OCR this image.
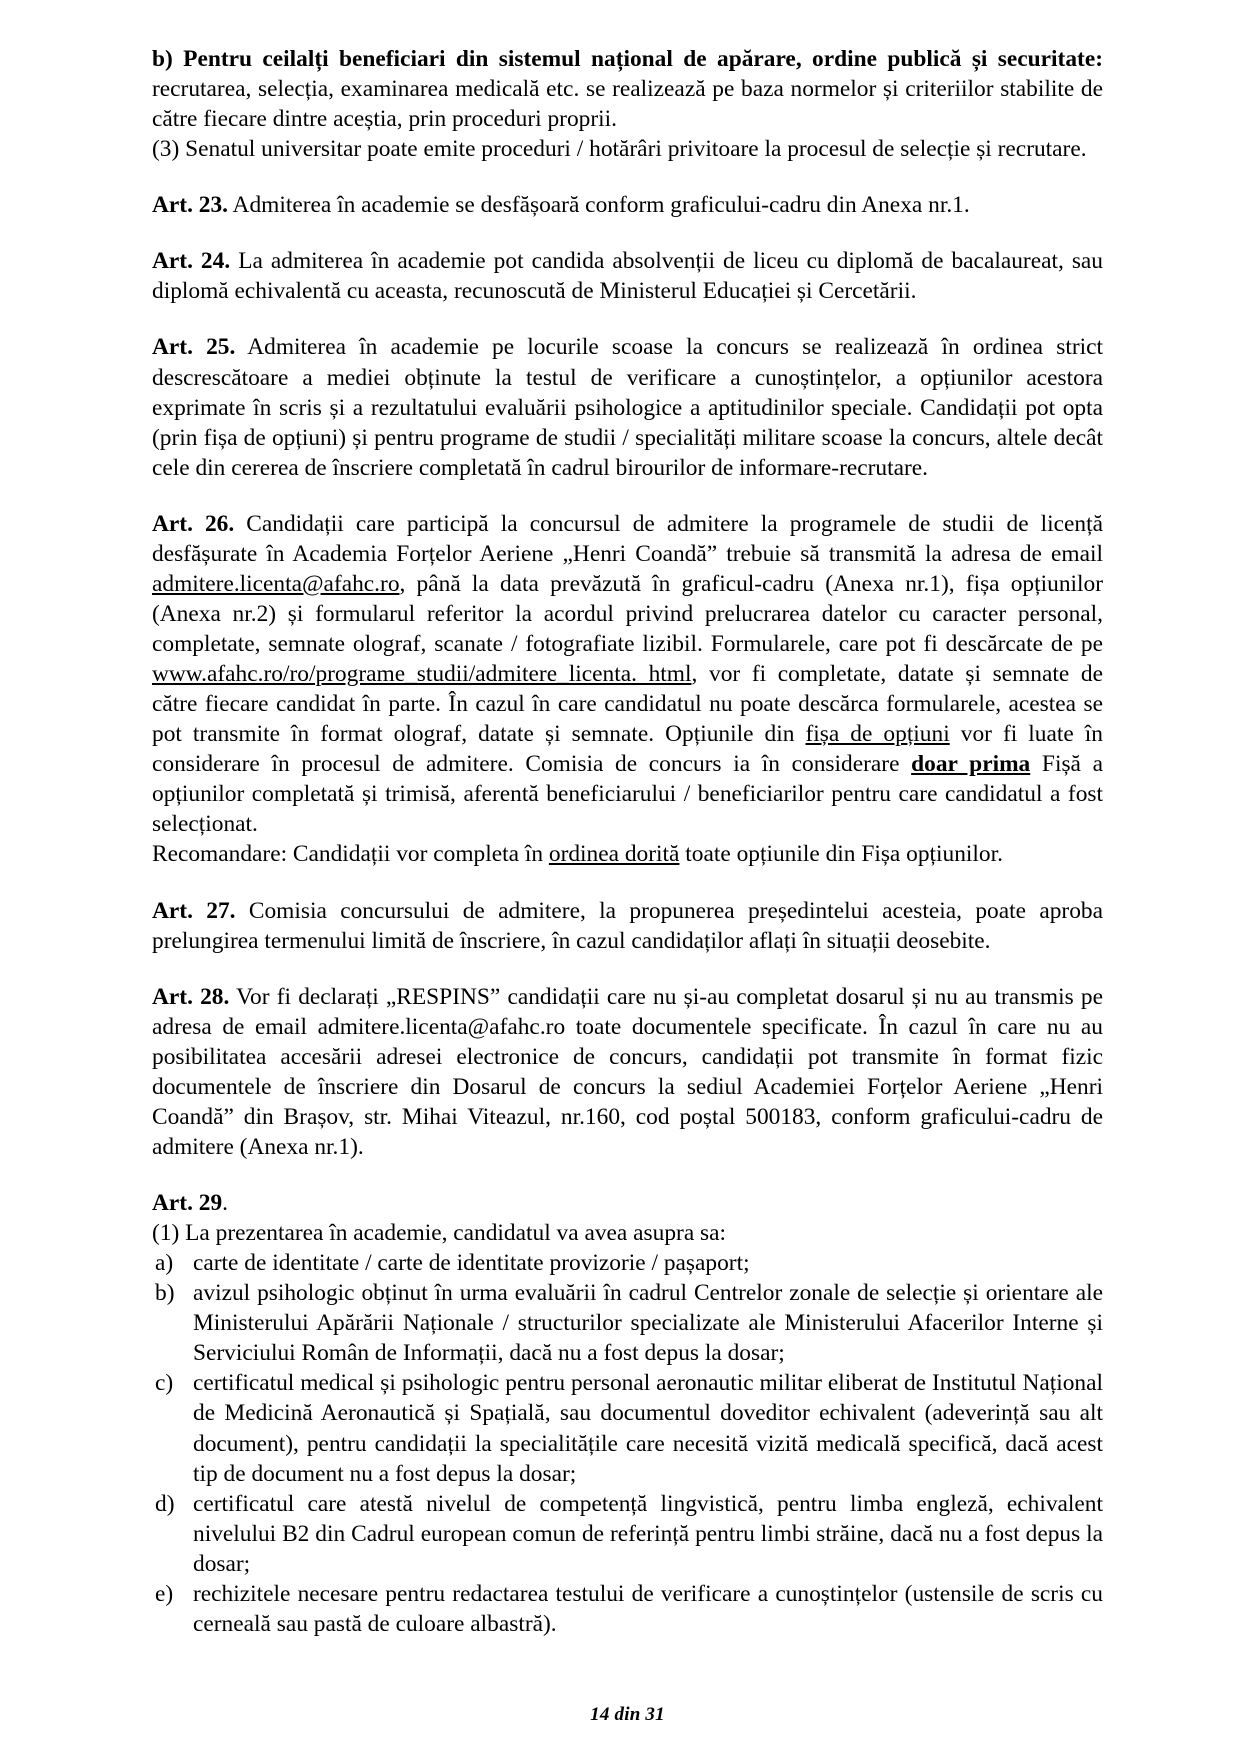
b) Pentru ceilalți beneficiari din sistemul național de apărare, ordine publică și securitate: recrutarea, selecția, examinarea medicală etc. se realizează pe baza normelor și criteriilor stabilite de către fiecare dintre aceștia, prin proceduri proprii.

(3) Senatul universitar poate emite proceduri / hotărâri privitoare la procesul de selecție și recrutare.

Art. 23. Admiterea în academie se desfășoară conform graficului-cadru din Anexa nr.1.

Art. 24. La admiterea în academie pot candida absolvenții de liceu cu diplomă de bacalaureat, sau diplomă echivalentă cu aceasta, recunoscută de Ministerul Educației și Cercetării.

Art. 25. Admiterea în academie pe locurile scoase la concurs se realizează în ordinea strict descrescătoare a mediei obținute la testul de verificare a cunoștințelor, a opțiunilor acestora exprimate în scris și a rezultatului evaluării psihologice a aptitudinilor speciale. Candidații pot opta (prin fișa de opțiuni) și pentru programe de studii / specialități militare scoase la concurs, altele decât cele din cererea de înscriere completată în cadrul birourilor de informare-recrutare.

Art. 26. Candidații care participă la concursul de admitere la programele de studii de licență desfășurate în Academia Forțelor Aeriene „Henri Coandă” trebuie să transmită la adresa de email admitere.licenta@afahc.ro, până la data prevăzută în graficul-cadru (Anexa nr.1), fișa opțiunilor (Anexa nr.2) și formularul referitor la acordul privind prelucrarea datelor cu caracter personal, completate, semnate olograf, scanate / fotografiate lizibil. Formularele, care pot fi descărcate de pe www.afahc.ro/ro/programe_studii/admitere_licenta. html, vor fi completate, datate și semnate de către fiecare candidat în parte. În cazul în care candidatul nu poate descărca formularele, acestea se pot transmite în format olograf, datate și semnate. Opțiunile din fișa de opțiuni vor fi luate în considerare în procesul de admitere. Comisia de concurs ia în considerare doar prima Fișă a opțiunilor completată și trimisă, aferentă beneficiarului / beneficiarilor pentru care candidatul a fost selecționat.

Recomandare: Candidații vor completa în ordinea dorită toate opțiunile din Fișa opțiunilor.

Art. 27. Comisia concursului de admitere, la propunerea președintelui acesteia, poate aproba prelungirea termenului limită de înscriere, în cazul candidaților aflați în situații deosebite.

Art. 28. Vor fi declarați „RESPINS” candidații care nu și-au completat dosarul și nu au transmis pe adresa de email admitere.licenta@afahc.ro toate documentele specificate. În cazul în care nu au posibilitatea accesării adresei electronice de concurs, candidații pot transmite în format fizic documentele de înscriere din Dosarul de concurs la sediul Academiei Forțelor Aeriene „Henri Coandă” din Brașov, str. Mihai Viteazul, nr.160, cod poștal 500183, conform graficului-cadru de admitere (Anexa nr.1).

Art. 29.

(1) La prezentarea în academie, candidatul va avea asupra sa:

a) carte de identitate / carte de identitate provizorie / pașaport;
b) avizul psihologic obținut în urma evaluării în cadrul Centrelor zonale de selecție și orientare ale Ministerului Apărării Naționale / structurilor specializate ale Ministerului Afacerilor Interne și Serviciului Român de Informații, dacă nu a fost depus la dosar;
c) certificatul medical și psihologic pentru personal aeronautic militar eliberat de Institutul Național de Medicină Aeronautică și Spațială, sau documentul doveditor echivalent (adeverință sau alt document), pentru candidații la specialitățile care necesită vizită medicală specifică, dacă acest tip de document nu a fost depus la dosar;
d) certificatul care atestă nivelul de competență lingvistică, pentru limba engleză, echivalent nivelului B2 din Cadrul european comun de referință pentru limbi străine, dacă nu a fost depus la dosar;
e) rechizitele necesare pentru redactarea testului de verificare a cunoștințelor (ustensile de scris cu cerneală sau pastă de culoare albastră).
14 din 31
